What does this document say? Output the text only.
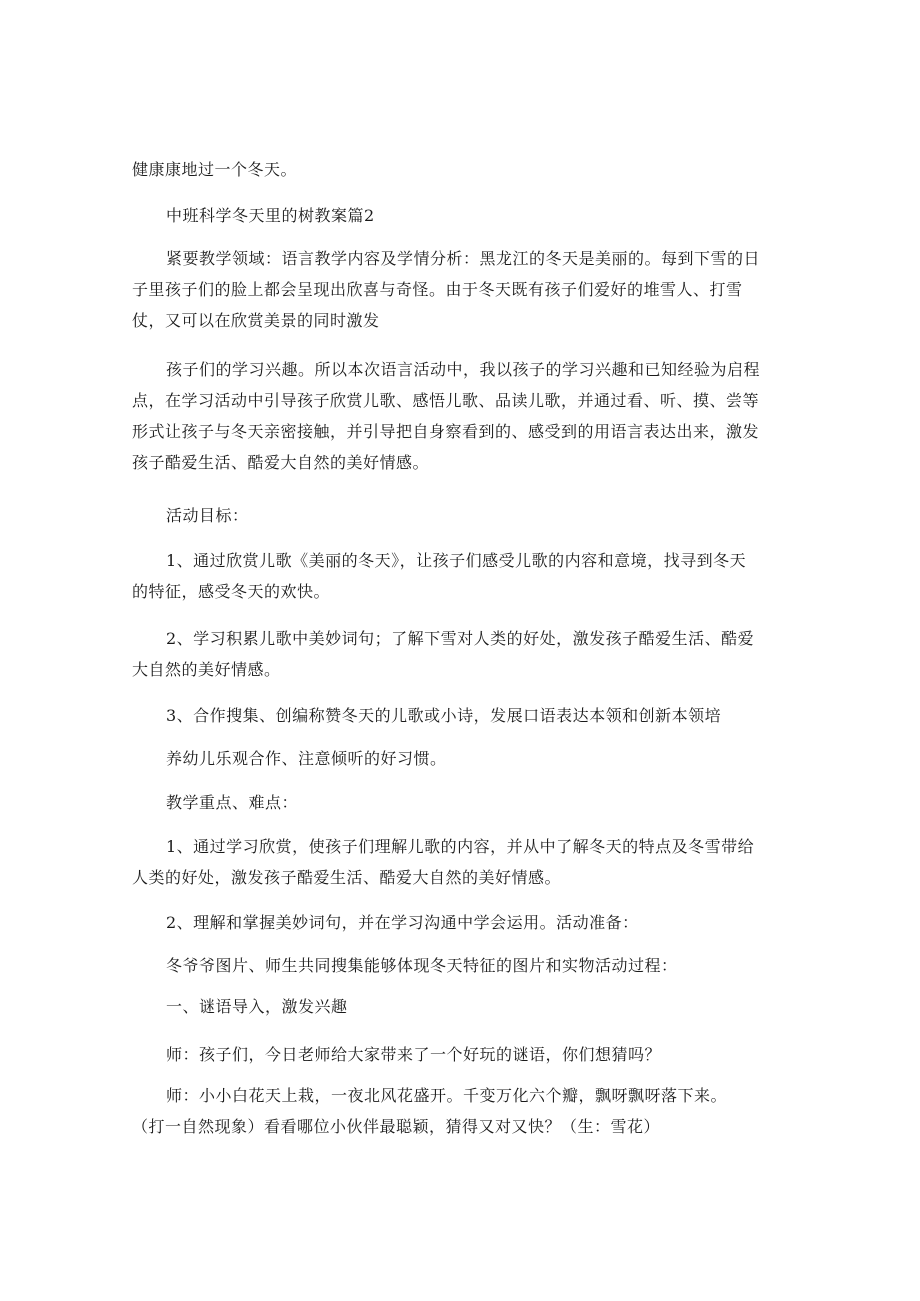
健康康地过一个冬天。

中班科学冬天里的树教案篇2

紧要教学领域：语言教学内容及学情分析：黑龙江的冬天是美丽的。每到下雪的日
子里孩子们的脸上都会呈现出欣喜与奇怪。由于冬天既有孩子们爱好的堆雪人、打雪
仗，又可以在欣赏美景的同时激发

孩子们的学习兴趣。所以本次语言活动中，我以孩子的学习兴趣和已知经验为启程
点，在学习活动中引导孩子欣赏儿歌、感悟儿歌、品读儿歌，并通过看、听、摸、尝等
形式让孩子与冬天亲密接触，并引导把自身察看到的、感受到的用语言表达出来，激发
孩子酷爱生活、酷爱大自然的美好情感。

活动目标：

1、通过欣赏儿歌《美丽的冬天》，让孩子们感受儿歌的内容和意境，找寻到冬天
的特征，感受冬天的欢快。

2、学习积累儿歌中美妙词句；了解下雪对人类的好处，激发孩子酷爱生活、酷爱
大自然的美好情感。

3、合作搜集、创编称赞冬天的儿歌或小诗，发展口语表达本领和创新本领培

养幼儿乐观合作、注意倾听的好习惯。

教学重点、难点：

1、通过学习欣赏，使孩子们理解儿歌的内容，并从中了解冬天的特点及冬雪带给
人类的好处，激发孩子酷爱生活、酷爱大自然的美好情感。

2、理解和掌握美妙词句，并在学习沟通中学会运用。活动准备：

冬爷爷图片、师生共同搜集能够体现冬天特征的图片和实物活动过程：

一、谜语导入，激发兴趣

师：孩子们，今日老师给大家带来了一个好玩的谜语，你们想猜吗？

师：小小白花天上栽，一夜北风花盛开。千变万化六个瓣，飘呀飘呀落下来。
（打一自然现象）看看哪位小伙伴最聪颖，猜得又对又快？（生：雪花）
